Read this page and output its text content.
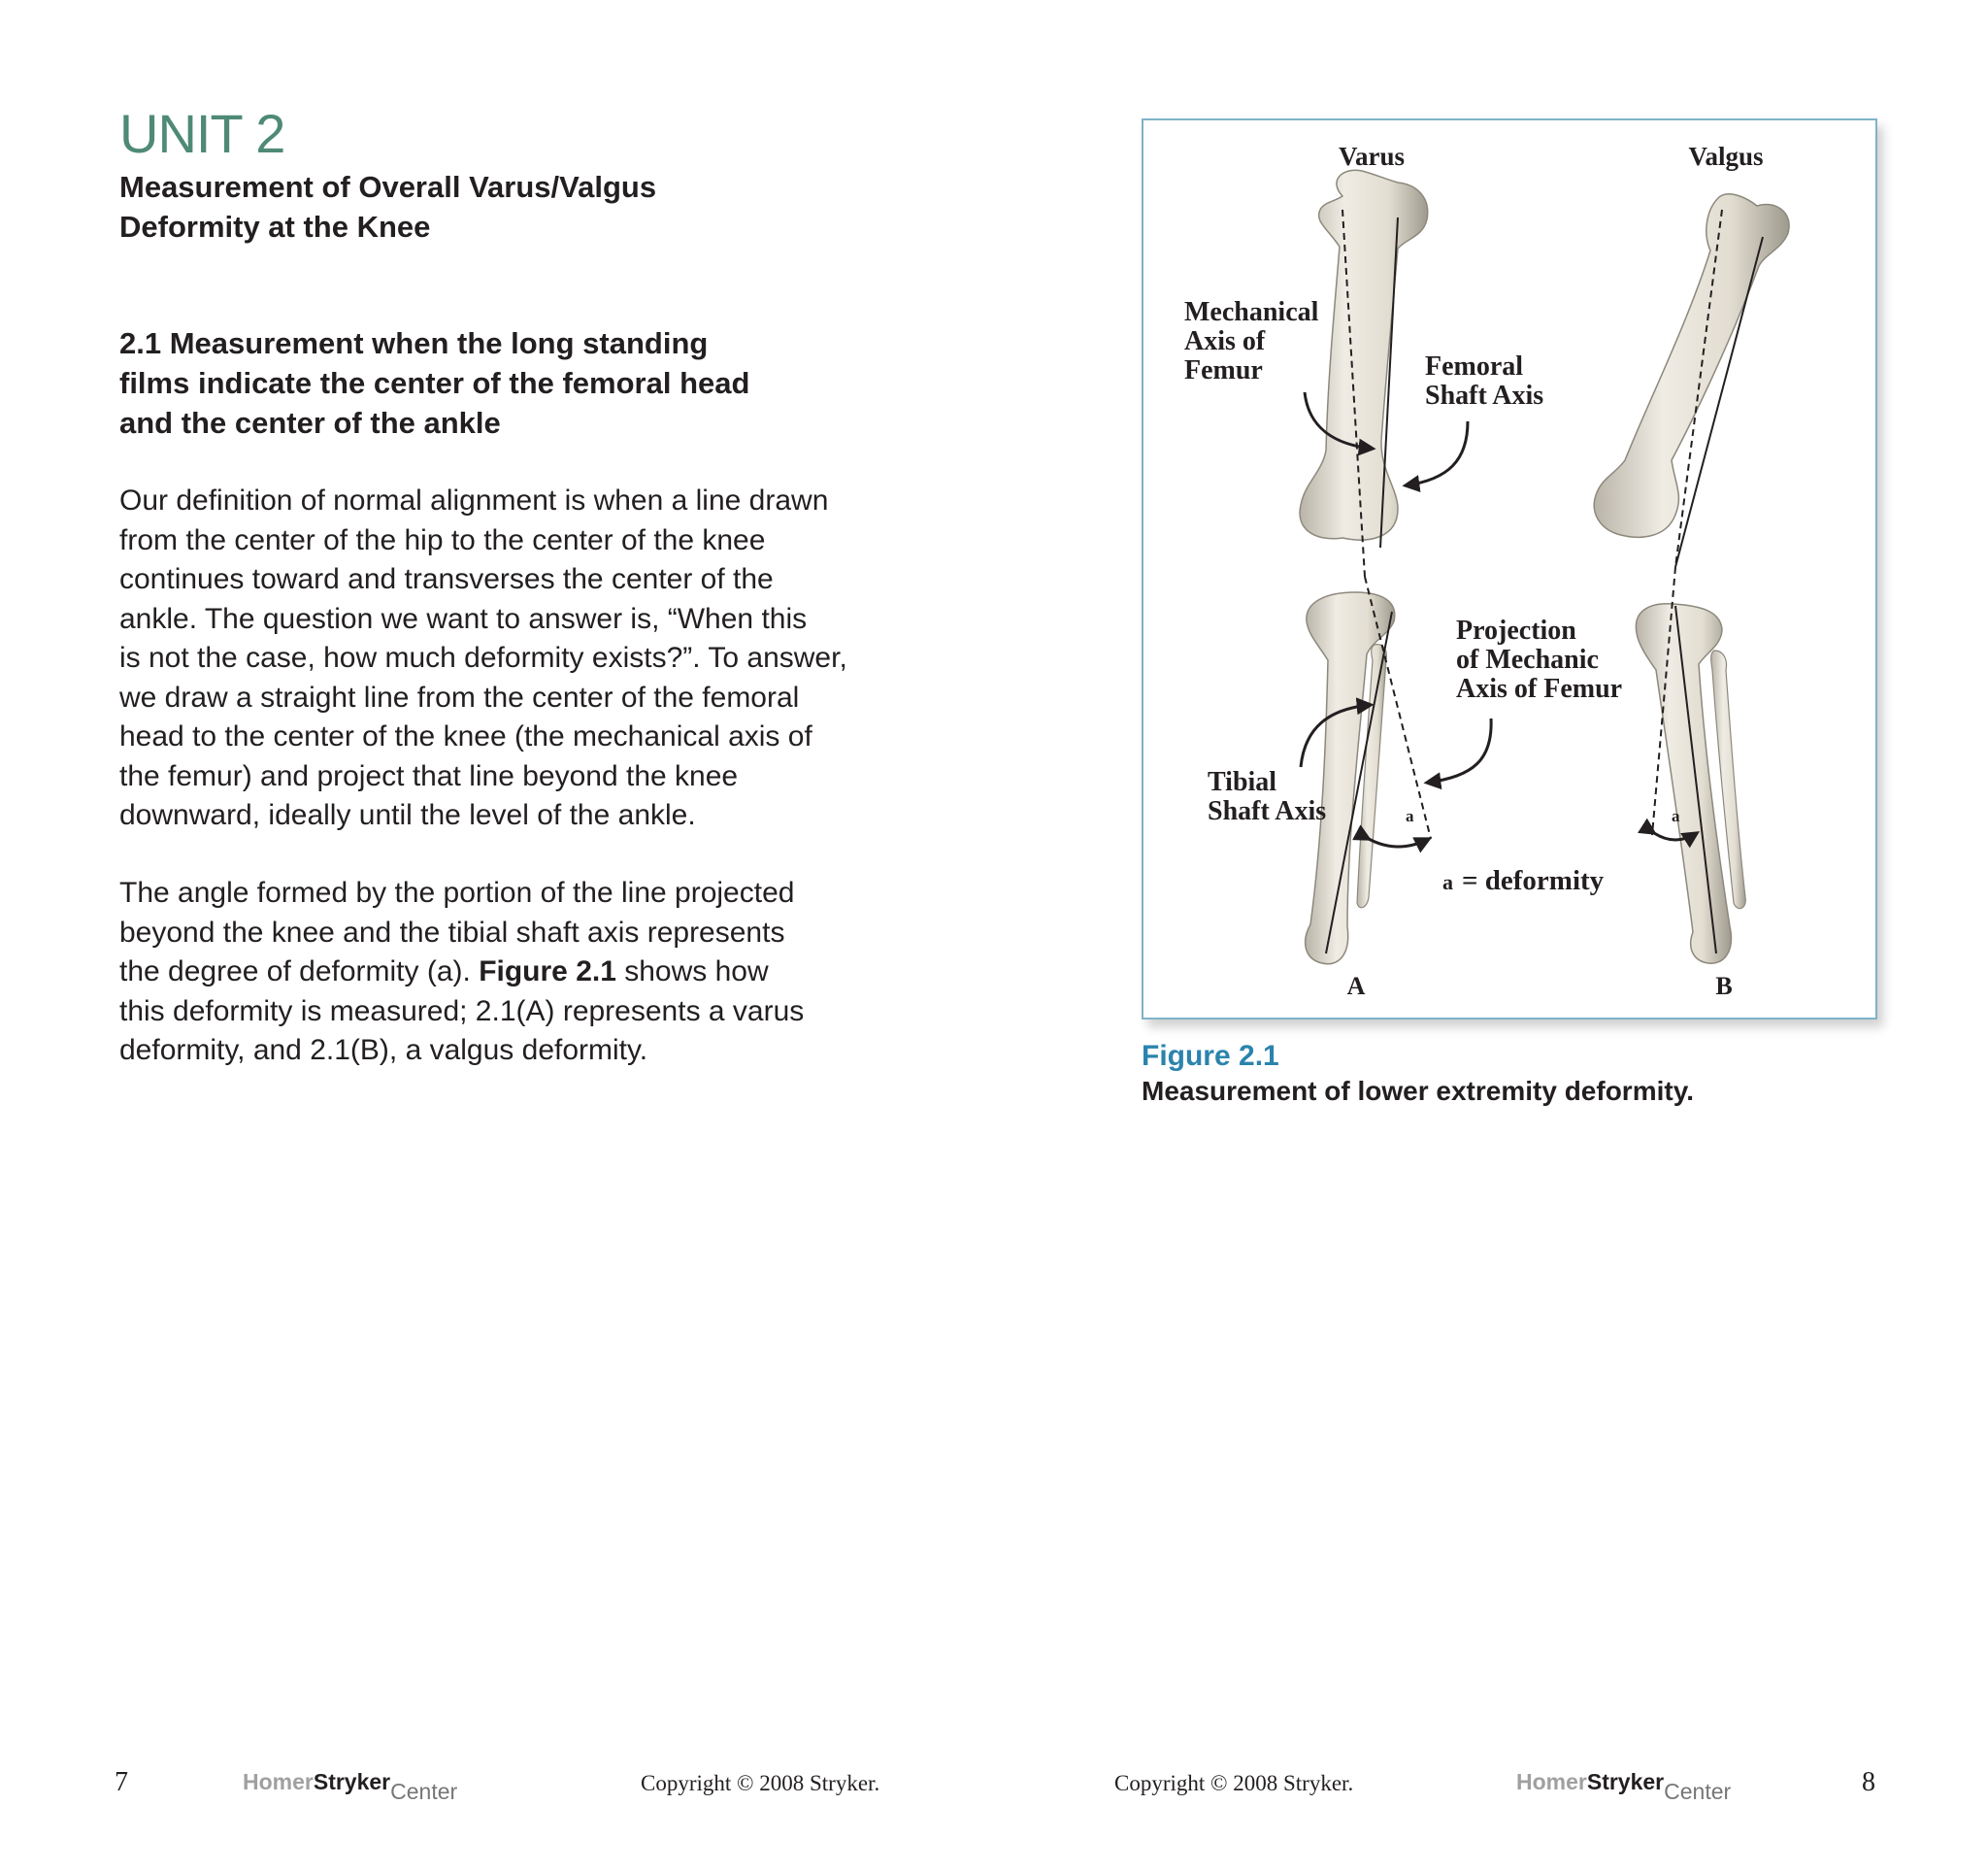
UNIT 2
Measurement of Overall Varus/Valgus
Deformity at the Knee
2.1 Measurement when the long standing
films indicate the center of the femoral head
and the center of the ankle

Our definition of normal alignment is when a line drawn
from the center of the hip to the center of the knee
continues toward and transverses the center of the
ankle. The question we want to answer is, “When this
is not the case, how much deformity exists?”. To answer,
we draw a straight line from the center of the femoral
head to the center of the knee (the mechanical axis of
the femur) and project that line beyond the knee
downward, ideally until the level of the ankle.

The angle formed by the portion of the line projected
beyond the knee and the tibial shaft axis represents
the degree of deformity (a). Figure 2.1 shows how
this deformity is measured; 2.1(A) represents a varus
deformity, and 2.1(B), a valgus deformity.

Varus	Valgus
Mechanical
Axis of
Femur	Femoral
Shaft Axis
Projection
of Mechanic
Axis of Femur
Tibial
Shaft Axis	a	a
a = deformity
A	B
Figure 2.1
Measurement of lower extremity deformity.
7	HomerStrykerCenter	Copyright © 2008 Stryker.	Copyright © 2008 Stryker.	HomerStrykerCenter	8
